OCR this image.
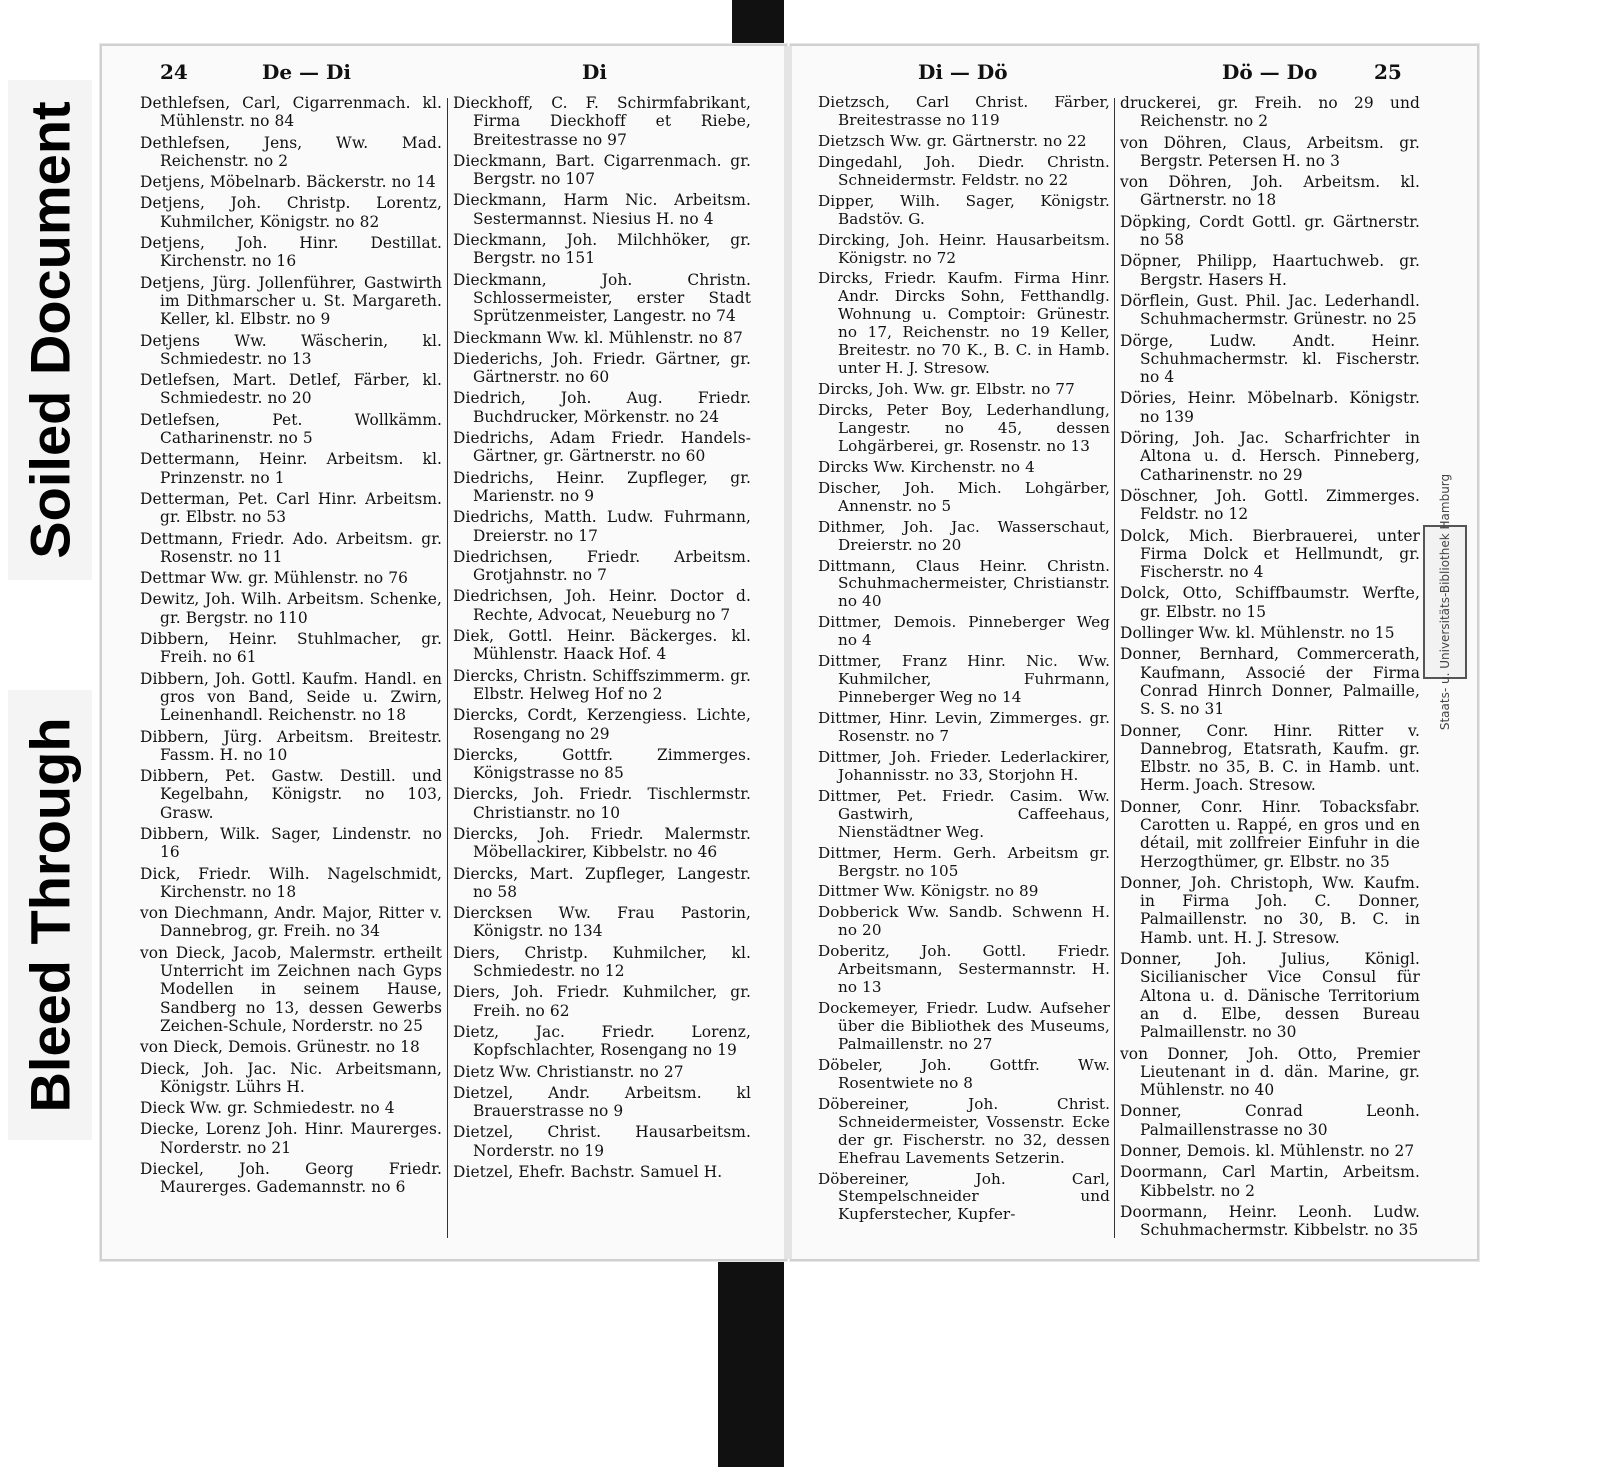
Soiled Document
Bleed Through
24	De — Di	Di

Dethlefsen, Carl, Cigarrenmach. kl. Mühlenstr. no 84

Dethlefsen, Jens, Ww. Mad. Reichenstr. no 2

Detjens, Möbelnarb. Bäckerstr. no 14

Detjens, Joh. Christp. Lorentz, Kuhmilcher, Königstr. no 82

Detjens, Joh. Hinr. Destillat. Kirchenstr. no 16

Detjens, Jürg. Jollenführer, Gastwirth im Dithmarscher u. St. Margareth. Keller, kl. Elbstr. no 9

Detjens Ww. Wäscherin, kl. Schmiedestr. no 13

Detlefsen, Mart. Detlef, Färber, kl. Schmiedestr. no 20

Detlefsen, Pet. Wollkämm. Catharinenstr. no 5

Dettermann, Heinr. Arbeitsm. kl. Prinzenstr. no 1

Detterman, Pet. Carl Hinr. Arbeitsm. gr. Elbstr. no 53

Dettmann, Friedr. Ado. Arbeitsm. gr. Rosenstr. no 11

Dettmar Ww. gr. Mühlenstr. no 76

Dewitz, Joh. Wilh. Arbeitsm. Schenke, gr. Bergstr. no 110

Dibbern, Heinr. Stuhlmacher, gr. Freih. no 61

Dibbern, Joh. Gottl. Kaufm. Handl. en gros von Band, Seide u. Zwirn, Leinenhandl. Reichenstr. no 18

Dibbern, Jürg. Arbeitsm. Breitestr. Fassm. H. no 10

Dibbern, Pet. Gastw. Destill. und Kegelbahn, Königstr. no 103, Grasw.

Dibbern, Wilk. Sager, Lindenstr. no 16

Dick, Friedr. Wilh. Nagelschmidt, Kirchenstr. no 18

von Diechmann, Andr. Major, Ritter v. Dannebrog, gr. Freih. no 34

von Dieck, Jacob, Malermstr. ertheilt Unterricht im Zeichnen nach Gyps Modellen in seinem Hause, Sandberg no 13, dessen Gewerbs Zeichen-Schule, Norderstr. no 25

von Dieck, Demois. Grünestr. no 18

Dieck, Joh. Jac. Nic. Arbeitsmann, Königstr. Lührs H.

Dieck Ww. gr. Schmiedestr. no 4

Diecke, Lorenz Joh. Hinr. Maurerges. Norderstr. no 21

Dieckel, Joh. Georg Friedr. Maurerges. Gademannstr. no 6

Dieckhoff, C. F. Schirmfabrikant, Firma Dieckhoff et Riebe, Breitestrasse no 97

Dieckmann, Bart. Cigarrenmach. gr. Bergstr. no 107

Dieckmann, Harm Nic. Arbeitsm. Sestermannst. Niesius H. no 4

Dieckmann, Joh. Milchhöker, gr. Bergstr. no 151

Dieckmann, Joh. Christn. Schlossermeister, erster Stadt Sprützenmeister, Langestr. no 74

Dieckmann Ww. kl. Mühlenstr. no 87

Diederichs, Joh. Friedr. Gärtner, gr. Gärtnerstr. no 60

Diedrich, Joh. Aug. Friedr. Buchdrucker, Mörkenstr. no 24

Diedrichs, Adam Friedr. Handels-Gärtner, gr. Gärtnerstr. no 60

Diedrichs, Heinr. Zupfleger, gr. Marienstr. no 9

Diedrichs, Matth. Ludw. Fuhrmann, Dreierstr. no 17

Diedrichsen, Friedr. Arbeitsm. Grotjahnstr. no 7

Diedrichsen, Joh. Heinr. Doctor d. Rechte, Advocat, Neueburg no 7

Diek, Gottl. Heinr. Bäckerges. kl. Mühlenstr. Haack Hof. 4

Diercks, Christn. Schiffszimmerm. gr. Elbstr. Helweg Hof no 2

Diercks, Cordt, Kerzengiess. Lichte, Rosengang no 29

Diercks, Gottfr. Zimmerges. Königstrasse no 85

Diercks, Joh. Friedr. Tischlermstr. Christianstr. no 10

Diercks, Joh. Friedr. Malermstr. Möbellackirer, Kibbelstr. no 46

Diercks, Mart. Zupfleger, Langestr. no 58

Diercksen Ww. Frau Pastorin, Königstr. no 134

Diers, Christp. Kuhmilcher, kl. Schmiedestr. no 12

Diers, Joh. Friedr. Kuhmilcher, gr. Freih. no 62

Dietz, Jac. Friedr. Lorenz, Kopfschlachter, Rosengang no 19

Dietz Ww. Christianstr. no 27

Dietzel, Andr. Arbeitsm. kl Brauerstrasse no 9

Dietzel, Christ. Hausarbeitsm. Norderstr. no 19

Dietzel, Ehefr. Bachstr. Samuel H.

Di — Dö	Dö — Do	25

Dietzsch, Carl Christ. Färber, Breitestrasse no 119

Dietzsch Ww. gr. Gärtnerstr. no 22

Dingedahl, Joh. Diedr. Christn. Schneidermstr. Feldstr. no 22

Dipper, Wilh. Sager, Königstr. Badstöv. G.

Dircking, Joh. Heinr. Hausarbeitsm. Königstr. no 72

Dircks, Friedr. Kaufm. Firma Hinr. Andr. Dircks Sohn, Fetthandlg. Wohnung u. Comptoir: Grünestr. no 17, Reichenstr. no 19 Keller, Breitestr. no 70 K., B. C. in Hamb. unter H. J. Stresow.

Dircks, Joh. Ww. gr. Elbstr. no 77

Dircks, Peter Boy, Lederhandlung, Langestr. no 45, dessen Lohgärberei, gr. Rosenstr. no 13

Dircks Ww. Kirchenstr. no 4

Discher, Joh. Mich. Lohgärber, Annenstr. no 5

Dithmer, Joh. Jac. Wasserschaut, Dreierstr. no 20

Dittmann, Claus Heinr. Christn. Schuhmachermeister, Christianstr. no 40

Dittmer, Demois. Pinneberger Weg no 4

Dittmer, Franz Hinr. Nic. Ww. Kuhmilcher, Fuhrmann, Pinneberger Weg no 14

Dittmer, Hinr. Levin, Zimmerges. gr. Rosenstr. no 7

Dittmer, Joh. Frieder. Lederlackirer, Johannisstr. no 33, Storjohn H.

Dittmer, Pet. Friedr. Casim. Ww. Gastwirh, Caffeehaus, Nienstädtner Weg.

Dittmer, Herm. Gerh. Arbeitsm gr. Bergstr. no 105

Dittmer Ww. Königstr. no 89

Dobberick Ww. Sandb. Schwenn H. no 20

Doberitz, Joh. Gottl. Friedr. Arbeitsmann, Sestermannstr. H. no 13

Dockemeyer, Friedr. Ludw. Aufseher über die Bibliothek des Museums, Palmaillenstr. no 27

Döbeler, Joh. Gottfr. Ww. Rosentwiete no 8

Döbereiner, Joh. Christ. Schneidermeister, Vossenstr. Ecke der gr. Fischerstr. no 32, dessen Ehefrau Lavements Setzerin.

Döbereiner, Joh. Carl, Stempelschneider und Kupferstecher, Kupfer-

druckerei, gr. Freih. no 29 und Reichenstr. no 2

von Döhren, Claus, Arbeitsm. gr. Bergstr. Petersen H. no 3

von Döhren, Joh. Arbeitsm. kl. Gärtnerstr. no 18

Döpking, Cordt Gottl. gr. Gärtnerstr. no 58

Döpner, Philipp, Haartuchweb. gr. Bergstr. Hasers H.

Dörflein, Gust. Phil. Jac. Lederhandl. Schuhmachermstr. Grünestr. no 25

Dörge, Ludw. Andt. Heinr. Schuhmachermstr. kl. Fischerstr. no 4

Döries, Heinr. Möbelnarb. Königstr. no 139

Döring, Joh. Jac. Scharfrichter in Altona u. d. Hersch. Pinneberg, Catharinenstr. no 29

Döschner, Joh. Gottl. Zimmerges. Feldstr. no 12

Dolck, Mich. Bierbrauerei, unter Firma Dolck et Hellmundt, gr. Fischerstr. no 4

Dolck, Otto, Schiffbaumstr. Werfte, gr. Elbstr. no 15

Dollinger Ww. kl. Mühlenstr. no 15

Donner, Bernhard, Commercerath, Kaufmann, Associé der Firma Conrad Hinrch Donner, Palmaille, S. S. no 31

Donner, Conr. Hinr. Ritter v. Dannebrog, Etatsrath, Kaufm. gr. Elbstr. no 35, B. C. in Hamb. unt. Herm. Joach. Stresow.

Donner, Conr. Hinr. Tobacksfabr. Carotten u. Rappé, en gros und en détail, mit zollfreier Einfuhr in die Herzogthümer, gr. Elbstr. no 35

Donner, Joh. Christoph, Ww. Kaufm. in Firma Joh. C. Donner, Palmaillenstr. no 30, B. C. in Hamb. unt. H. J. Stresow.

Donner, Joh. Julius, Königl. Sicilianischer Vice Consul für Altona u. d. Dänische Territorium an d. Elbe, dessen Bureau Palmaillenstr. no 30

von Donner, Joh. Otto, Premier Lieutenant in d. dän. Marine, gr. Mühlenstr. no 40

Donner, Conrad Leonh. Palmaillenstrasse no 30

Donner, Demois. kl. Mühlenstr. no 27

Doormann, Carl Martin, Arbeitsm. Kibbelstr. no 2

Doormann, Heinr. Leonh. Ludw. Schuhmachermstr. Kibbelstr. no 35

Staats- u. Universitäts-Bibliothek Hamburg
